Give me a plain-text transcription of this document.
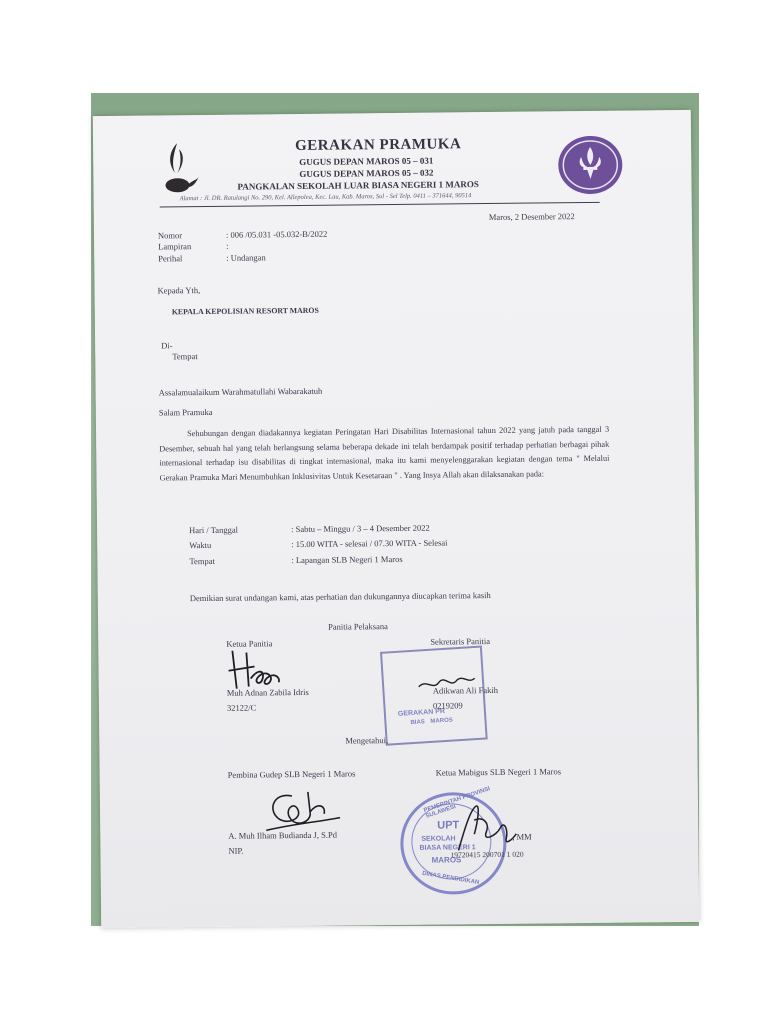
GERAKAN PRAMUKA
GUGUS DEPAN MAROS 05 – 031
GUGUS DEPAN MAROS 05 – 032
PANGKALAN SEKOLAH LUAR BIASA NEGERI 1 MAROS
Alamat : Jl. DR. Ratulangi No. 290, Kel. Allepolea, Kec. Lau, Kab. Maros, Sul - Sel Telp. 0411 – 371644, 90514
Maros, 2 Desember 2022
Nomor	: 006 /05.031 -05.032-B/2022
Lampiran	:
Perihal	: Undangan
Kepada Yth,
KEPALA KEPOLISIAN RESORT MAROS
Di-
Tempat
Assalamualaikum Warahmatullahi Wabarakatuh
Salam Pramuka
Sehubungan dengan diadakannya kegiatan Peringatan Hari Disabilitas Internasional tahun 2022 yang jatuh pada tanggal 3 Desember, sebuah hal yang telah berlangsung selama beberapa dekade ini telah berdampak positif terhadap perhatian berbagai pihak internasional terhadap isu disabilitas di tingkat internasional, maka itu kami menyelenggarakan kegiatan dengan tema " Melalui Gerakan Pramuka Mari Menumbuhkan Inklusivitas Untuk Kesetaraan " . Yang Insya Allah akan dilaksanakan pada:
Hari / Tanggal	: Sabtu – Minggu / 3 – 4 Desember 2022
Waktu	: 15.00 WITA - selesai / 07.30 WITA - Selesai
Tempat	: Lapangan SLB Negeri 1 Maros
Demikian surat undangan kami, atas perhatian dan dukungannya diucapkan terima kasih
Panitia Pelaksana
Ketua Panitia	Sekretaris Panitia
Muh Adnan Zabila Idris
32122/C
GERAKAN PR
BIAS MAROS
Adikwan Ali Fakih
0219209
Mengetahui,
Pembina Gudep SLB Negeri 1 Maros	Ketua Mabigus SLB Negeri 1 Maros
A. Muh Ilham Budianda J, S.Pd
NIP.
PEMERINTAH PROVINSI SULAWESI
UPT
SEKOLAH
BIASA NEGERI 1
MAROS
DINAS PENDIDIKAN
, MM
19720415 200701 1 020
